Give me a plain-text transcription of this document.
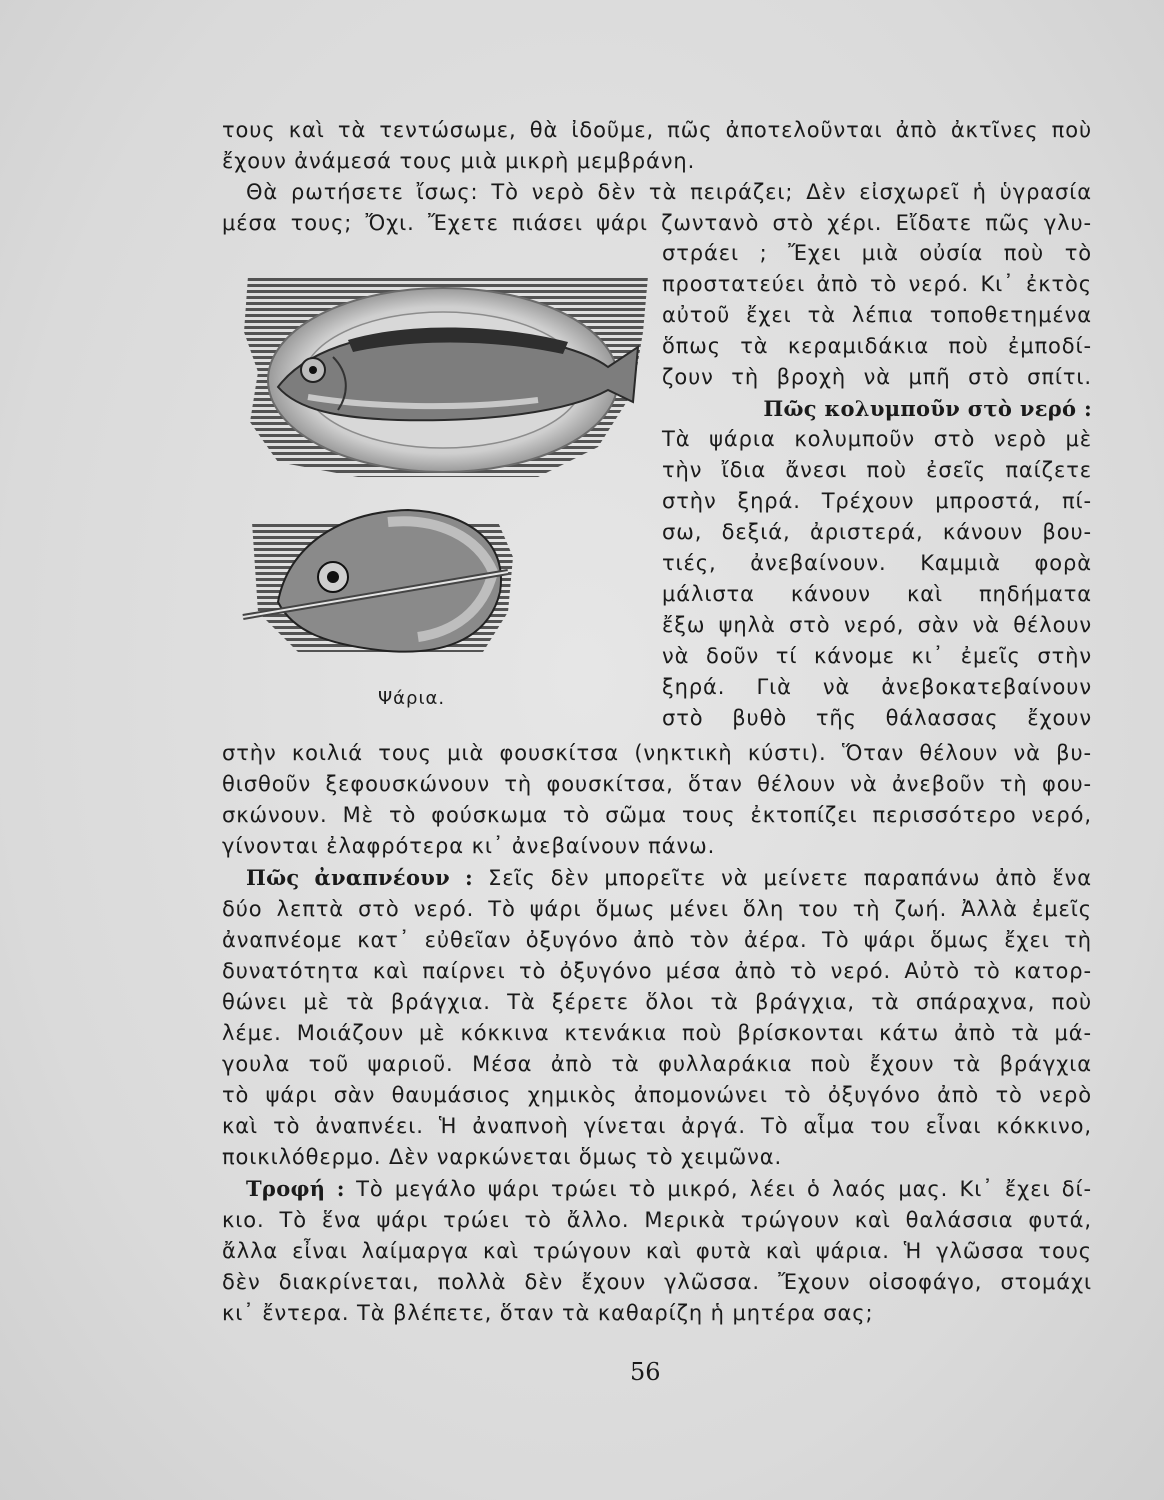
τους καὶ τὰ τεντώσωμε, θὰ ἰδοῦμε, πῶς ἀποτελοῦνται ἀπὸ ἀκτῖνες ποὺ
ἔχουν ἀνάμεσά τους μιὰ μικρὴ μεμβράνη.
Θὰ ρωτήσετε ἴσως: Τὸ νερὸ δὲν τὰ πειράζει; Δὲν εἰσχωρεῖ ἡ ὑγρασία
μέσα τους; Ὄχι. Ἔχετε πιάσει ψάρι ζωντανὸ στὸ χέρι. Εἴδατε πῶς γλυ-
στράει ; Ἔχει μιὰ οὐσία ποὺ τὸ
προστατεύει ἀπὸ τὸ νερό. Κι᾿ ἐκτὸς
αὐτοῦ ἔχει τὰ λέπια τοποθετημένα
ὅπως τὰ κεραμιδάκια ποὺ ἐμποδί-
ζουν τὴ βροχὴ νὰ μπῆ στὸ σπίτι.
Πῶς κολυμποῦν στὸ νερό :
Τὰ ψάρια κολυμποῦν στὸ νερὸ μὲ
τὴν ἴδια ἄνεσι ποὺ ἐσεῖς παίζετε
στὴν ξηρά. Τρέχουν μπροστά, πί-
σω, δεξιά, ἀριστερά, κάνουν βου-
τιές, ἀνεβαίνουν. Καμμιὰ φορὰ
μάλιστα κάνουν καὶ πηδήματα
ἔξω ψηλὰ στὸ νερό, σὰν νὰ θέλουν
νὰ δοῦν τί κάνομε κι᾿ ἐμεῖς στὴν
ξηρά. Γιὰ νὰ ἀνεβοκατεβαίνουν
στὸ βυθὸ τῆς θάλασσας ἔχουν
Ψάρια.
στὴν κοιλιά τους μιὰ φουσκίτσα (νηκτικὴ κύστι). Ὅταν θέλουν νὰ βυ-
θισθοῦν ξεφουσκώνουν τὴ φουσκίτσα, ὅταν θέλουν νὰ ἀνεβοῦν τὴ φου-
σκώνουν. Μὲ τὸ φούσκωμα τὸ σῶμα τους ἐκτοπίζει περισσότερο νερό,
γίνονται ἐλαφρότερα κι᾿ ἀνεβαίνουν πάνω.
Πῶς ἀναπνέουν : Σεῖς δὲν μπορεῖτε νὰ μείνετε παραπάνω ἀπὸ ἕνα
δύο λεπτὰ στὸ νερό. Τὸ ψάρι ὅμως μένει ὅλη του τὴ ζωή. Ἀλλὰ ἐμεῖς
ἀναπνέομε κατ᾿ εὐθεῖαν ὀξυγόνο ἀπὸ τὸν ἀέρα. Τὸ ψάρι ὅμως ἔχει τὴ
δυνατότητα καὶ παίρνει τὸ ὀξυγόνο μέσα ἀπὸ τὸ νερό. Αὐτὸ τὸ κατορ-
θώνει μὲ τὰ βράγχια. Τὰ ξέρετε ὅλοι τὰ βράγχια, τὰ σπάραχνα, ποὺ
λέμε. Μοιάζουν μὲ κόκκινα κτενάκια ποὺ βρίσκονται κάτω ἀπὸ τὰ μά-
γουλα τοῦ ψαριοῦ. Μέσα ἀπὸ τὰ φυλλαράκια ποὺ ἔχουν τὰ βράγχια
τὸ ψάρι σὰν θαυμάσιος χημικὸς ἀπομονώνει τὸ ὀξυγόνο ἀπὸ τὸ νερὸ
καὶ τὸ ἀναπνέει. Ἡ ἀναπνοὴ γίνεται ἀργά. Τὸ αἷμα του εἶναι κόκκινο,
ποικιλόθερμο. Δὲν ναρκώνεται ὅμως τὸ χειμῶνα.
Τροφή : Τὸ μεγάλο ψάρι τρώει τὸ μικρό, λέει ὁ λαός μας. Κι᾿ ἔχει δί-
κιο. Τὸ ἕνα ψάρι τρώει τὸ ἄλλο. Μερικὰ τρώγουν καὶ θαλάσσια φυτά,
ἄλλα εἶναι λαίμαργα καὶ τρώγουν καὶ φυτὰ καὶ ψάρια. Ἡ γλῶσσα τους
δὲν διακρίνεται, πολλὰ δὲν ἔχουν γλῶσσα. Ἔχουν οἰσοφάγο, στομάχι
κι᾿ ἔντερα. Τὰ βλέπετε, ὅταν τὰ καθαρίζη ἡ μητέρα σας;
56
